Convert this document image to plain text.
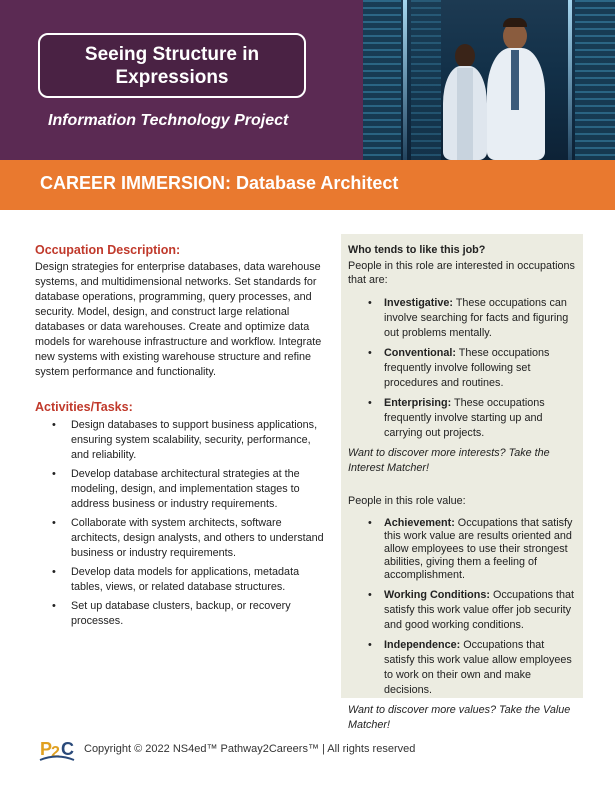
Seeing Structure in Expressions
Information Technology Project
CAREER IMMERSION: Database Architect
Occupation Description:
Design strategies for enterprise databases, data warehouse systems, and multidimensional networks. Set standards for database operations, programming, query processes, and security. Model, design, and construct large relational databases or data warehouses. Create and optimize data models for warehouse infrastructure and workflow. Integrate new systems with existing warehouse structure and refine system performance and functionality.
Activities/Tasks:
• Design databases to support business applications, ensuring system scalability, security, performance, and reliability.
• Develop database architectural strategies at the modeling, design, and implementation stages to address business or industry requirements.
• Collaborate with system architects, software architects, design analysts, and others to understand business or industry requirements.
• Develop data models for applications, metadata tables, views, or related database structures.
• Set up database clusters, backup, or recovery processes.
Who tends to like this job?
People in this role are interested in occupations that are:
• Investigative: These occupations can involve searching for facts and figuring out problems mentally.
• Conventional: These occupations frequently involve following set procedures and routines.
• Enterprising: These occupations frequently involve starting up and carrying out projects.
Want to discover more interests? Take the Interest Matcher!
People in this role value:
• Achievement: Occupations that satisfy this work value are results oriented and allow employees to use their strongest abilities, giving them a feeling of accomplishment.
• Working Conditions: Occupations that satisfy this work value offer job security and good working conditions.
• Independence: Occupations that satisfy this work value allow employees to work on their own and make decisions.
Want to discover more values? Take the Value Matcher!
P
2 C Copyright © 2022 NS4ed™ Pathway2Careers™ | All rights reserved
